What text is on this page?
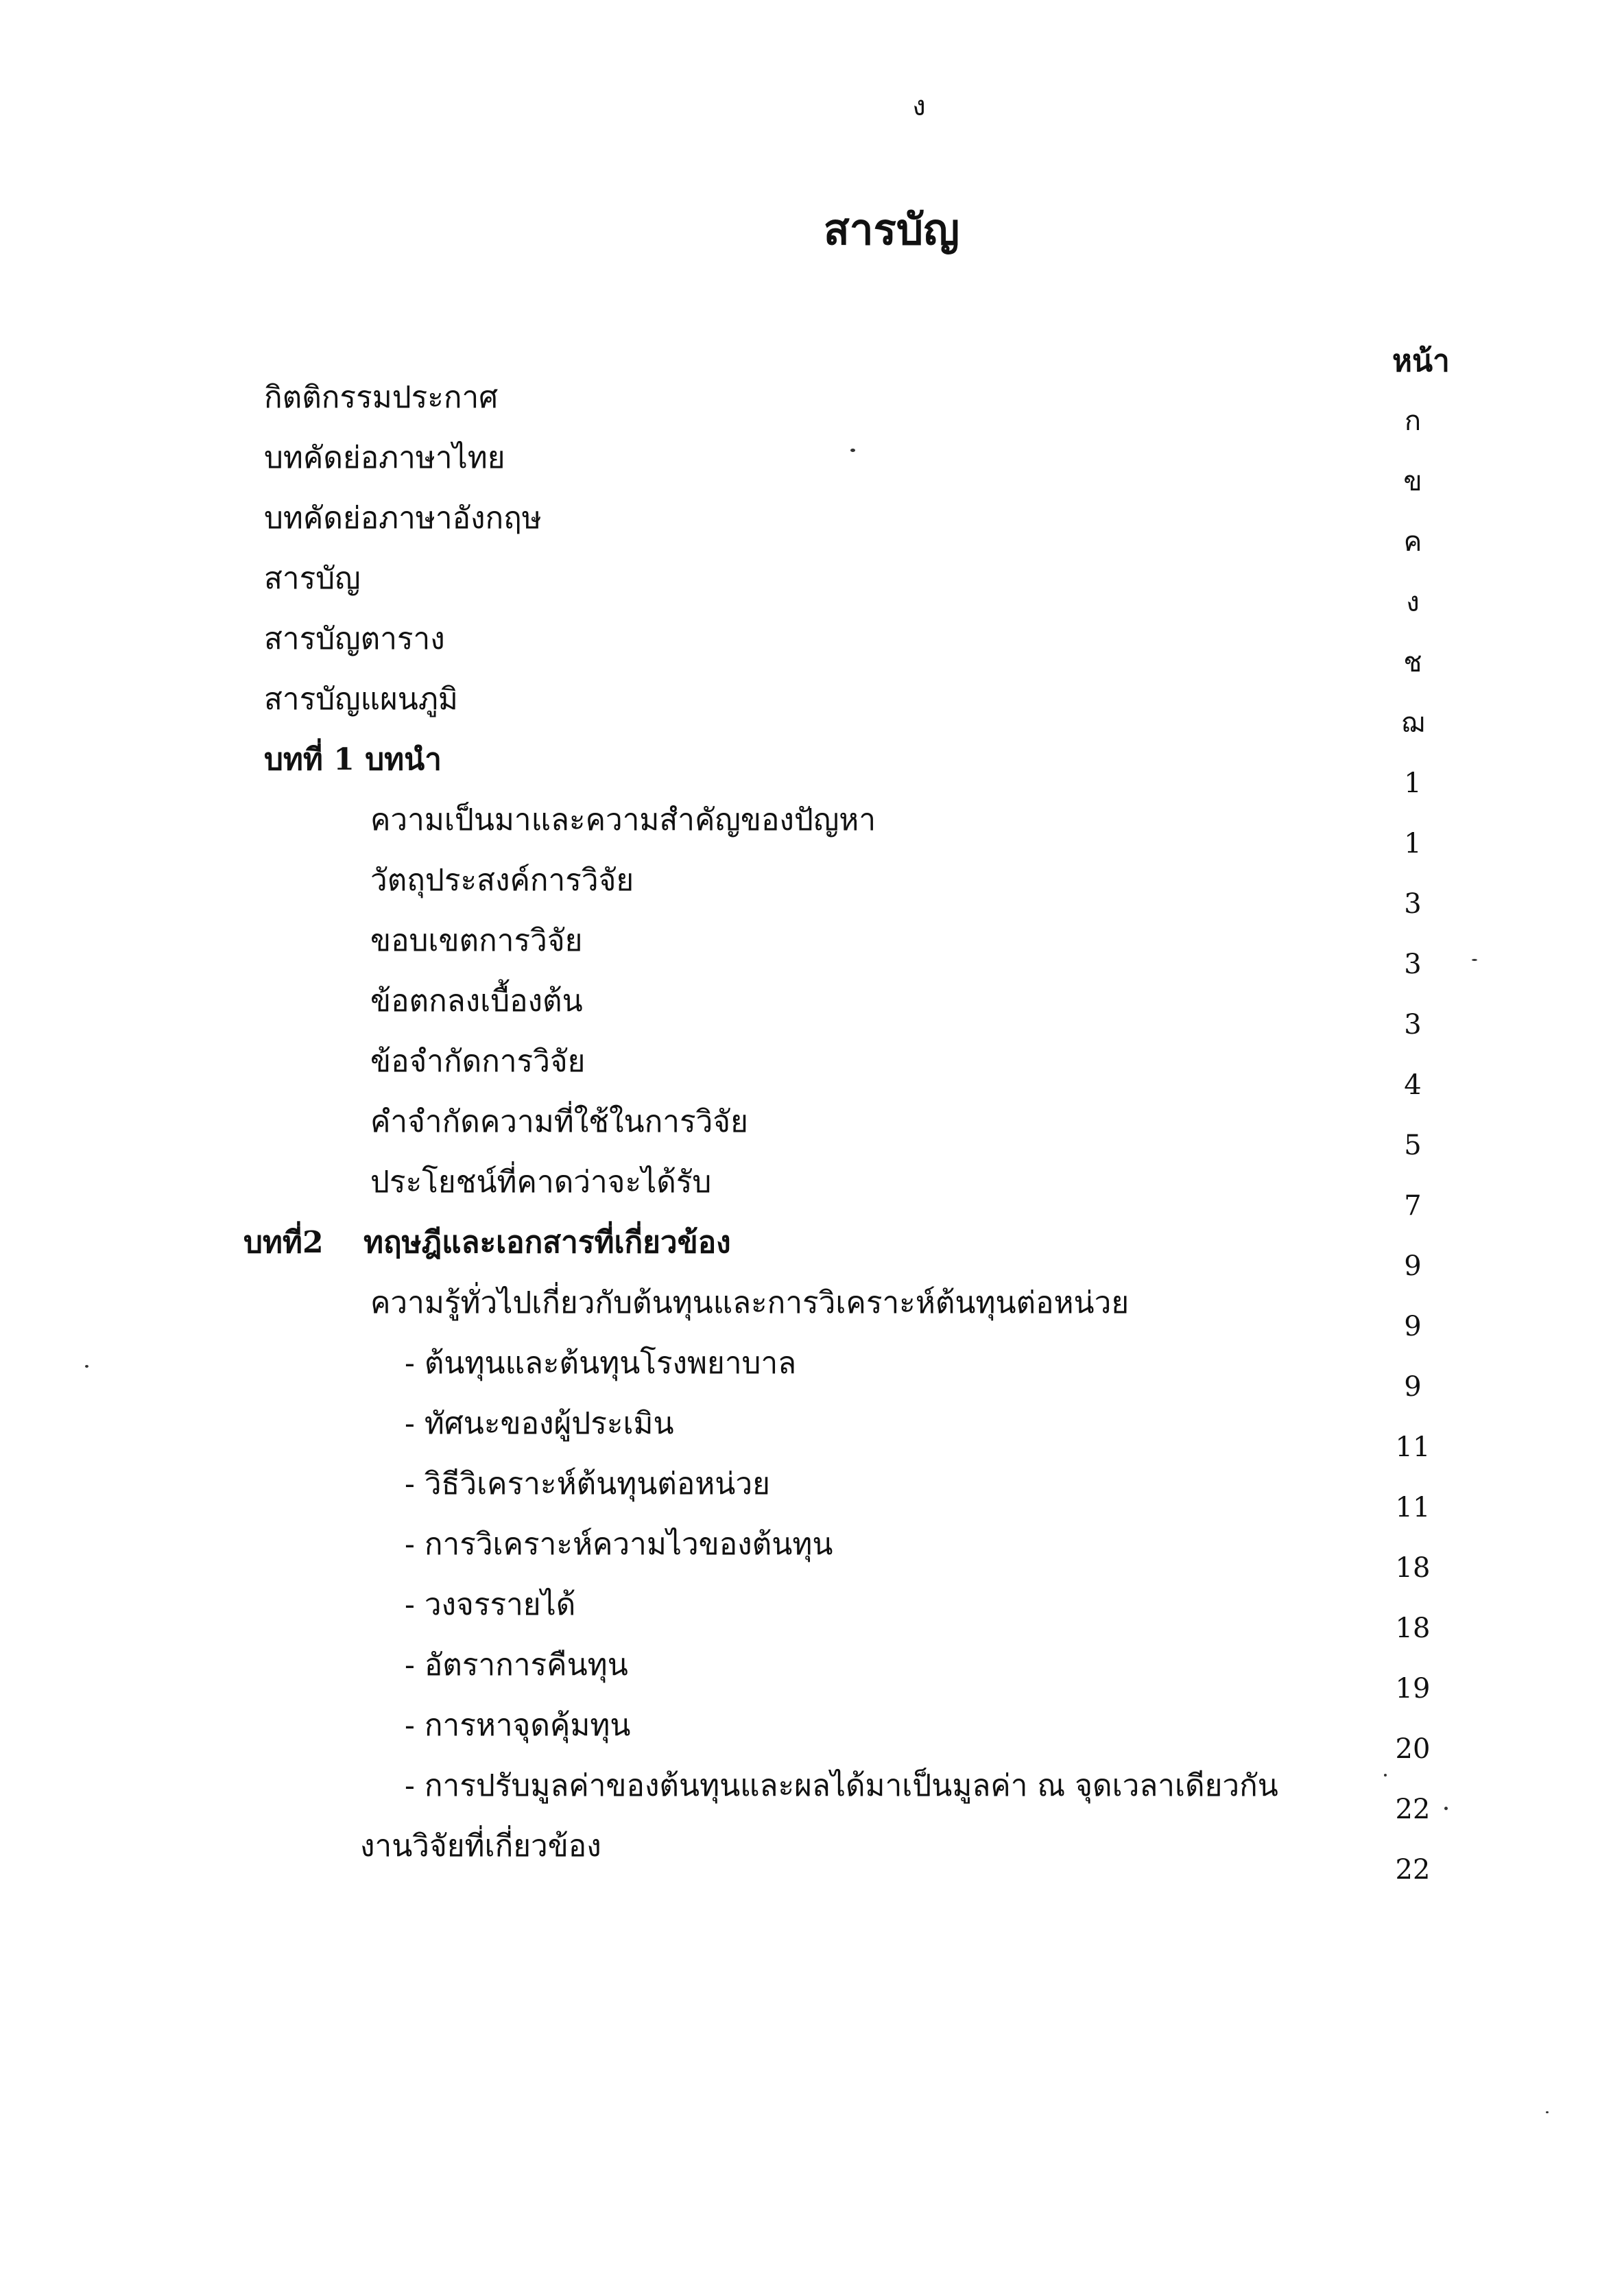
ง
สารบัญ
หน้า
กิตติกรรมประกาศ
ก
บทคัดย่อภาษาไทย
ข
บทคัดย่อภาษาอังกฤษ
ค
สารบัญ
ง
สารบัญตาราง
ช
สารบัญแผนภูมิ
ฌ
บทที่ 1 บทนำ
1
ความเป็นมาและความสำคัญของปัญหา
1
วัตถุประสงค์การวิจัย
3
ขอบเขตการวิจัย
3
ข้อตกลงเบื้องต้น
3
ข้อจำกัดการวิจัย
4
คำจำกัดความที่ใช้ในการวิจัย
5
ประโยชน์ที่คาดว่าจะได้รับ
7
บทที่2 ทฤษฎีและเอกสารที่เกี่ยวข้อง
9
ความรู้ทั่วไปเกี่ยวกับต้นทุนและการวิเคราะห์ต้นทุนต่อหน่วย
9
- ต้นทุนและต้นทุนโรงพยาบาล
9
- ทัศนะของผู้ประเมิน
11
- วิธีวิเคราะห์ต้นทุนต่อหน่วย
11
- การวิเคราะห์ความไวของต้นทุน
18
- วงจรรายได้
18
- อัตราการคืนทุน
19
- การหาจุดคุ้มทุน
20
- การปรับมูลค่าของต้นทุนและผลได้มาเป็นมูลค่า ณ จุดเวลาเดียวกัน
22
งานวิจัยที่เกี่ยวข้อง
22
